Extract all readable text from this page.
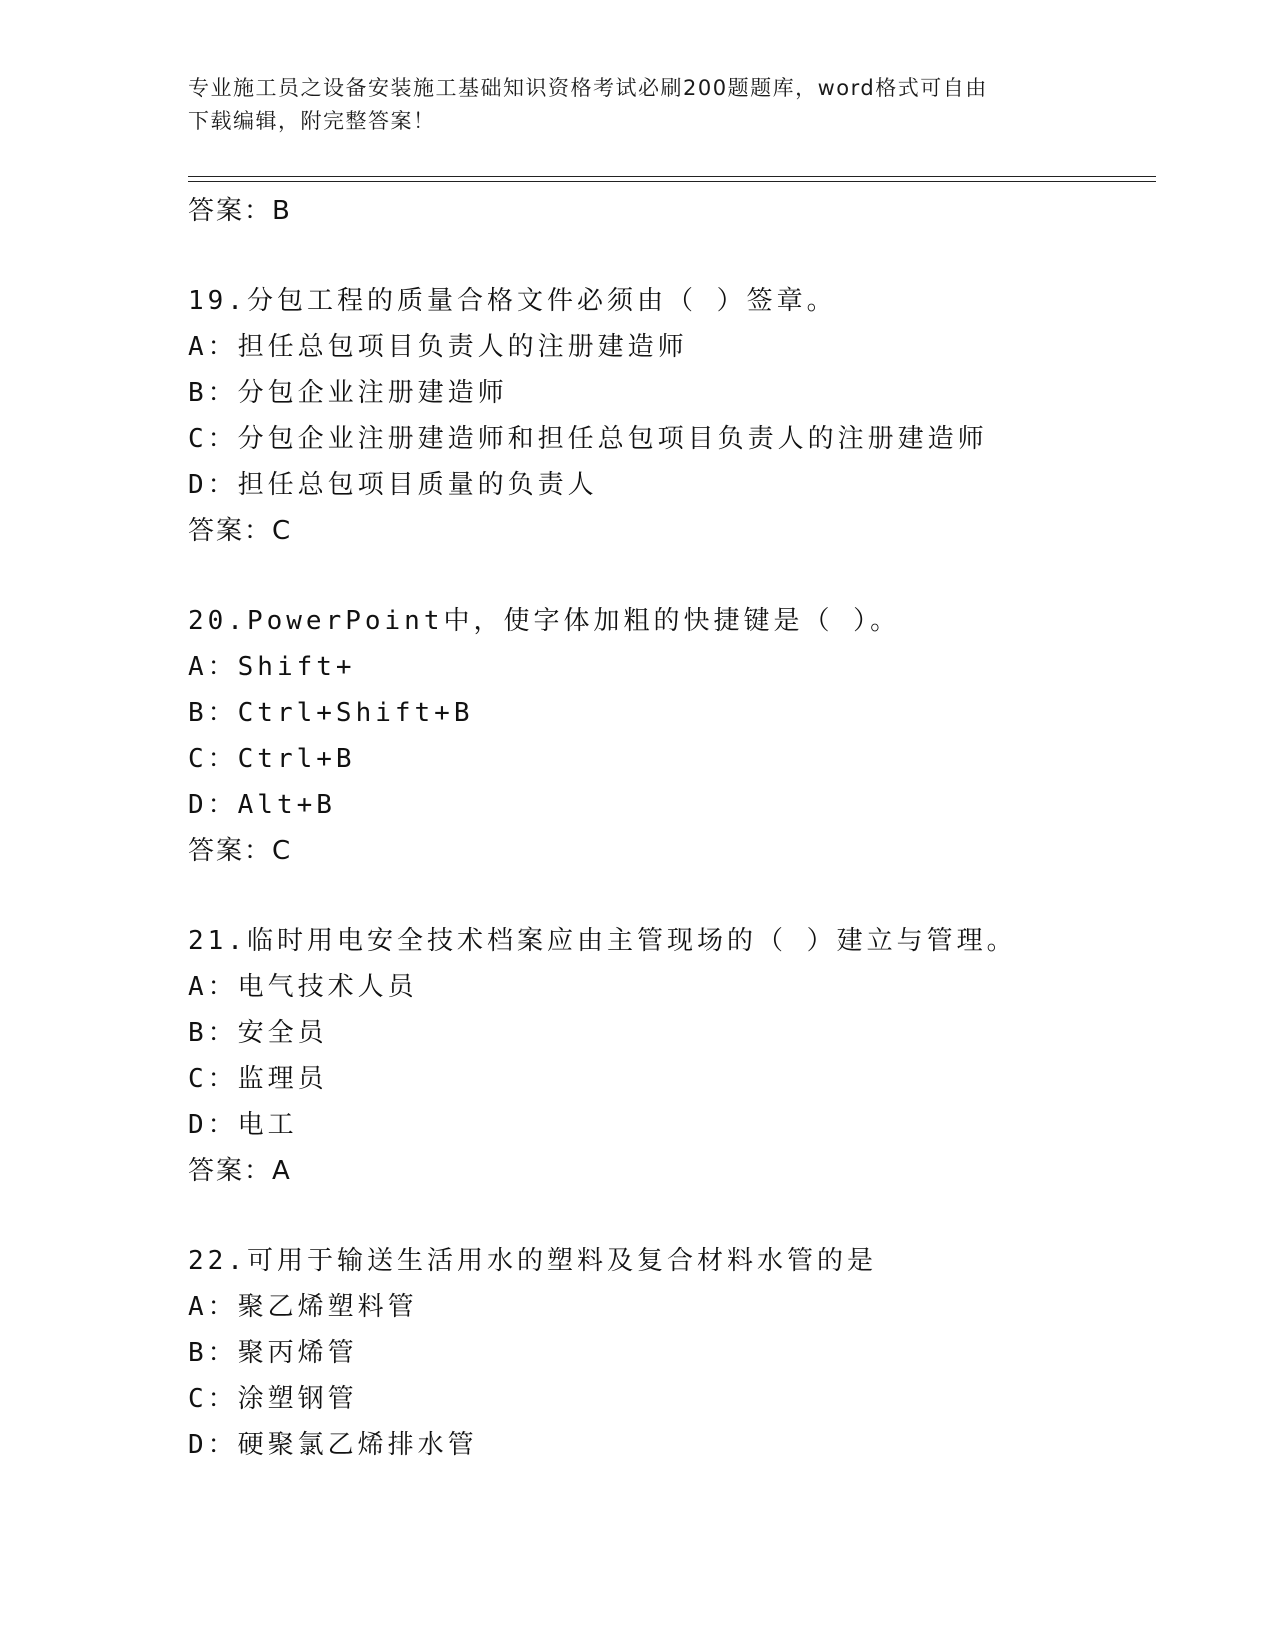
专业施工员之设备安装施工基础知识资格考试必刷200题题库，word格式可自由
下载编辑，附完整答案！
答案：B
19.分包工程的质量合格文件必须由（ ）签章。
A：担任总包项目负责人的注册建造师
B：分包企业注册建造师
C：分包企业注册建造师和担任总包项目负责人的注册建造师
D：担任总包项目质量的负责人
答案：C
20.PowerPoint中，使字体加粗的快捷键是（ ）。
A：Shift+
B：Ctrl+Shift+B
C：Ctrl+B
D：Alt+B
答案：C
21.临时用电安全技术档案应由主管现场的（ ）建立与管理。
A：电气技术人员
B：安全员
C：监理员
D：电工
答案：A
22.可用于输送生活用水的塑料及复合材料水管的是
A：聚乙烯塑料管
B：聚丙烯管
C：涂塑钢管
D：硬聚氯乙烯排水管
